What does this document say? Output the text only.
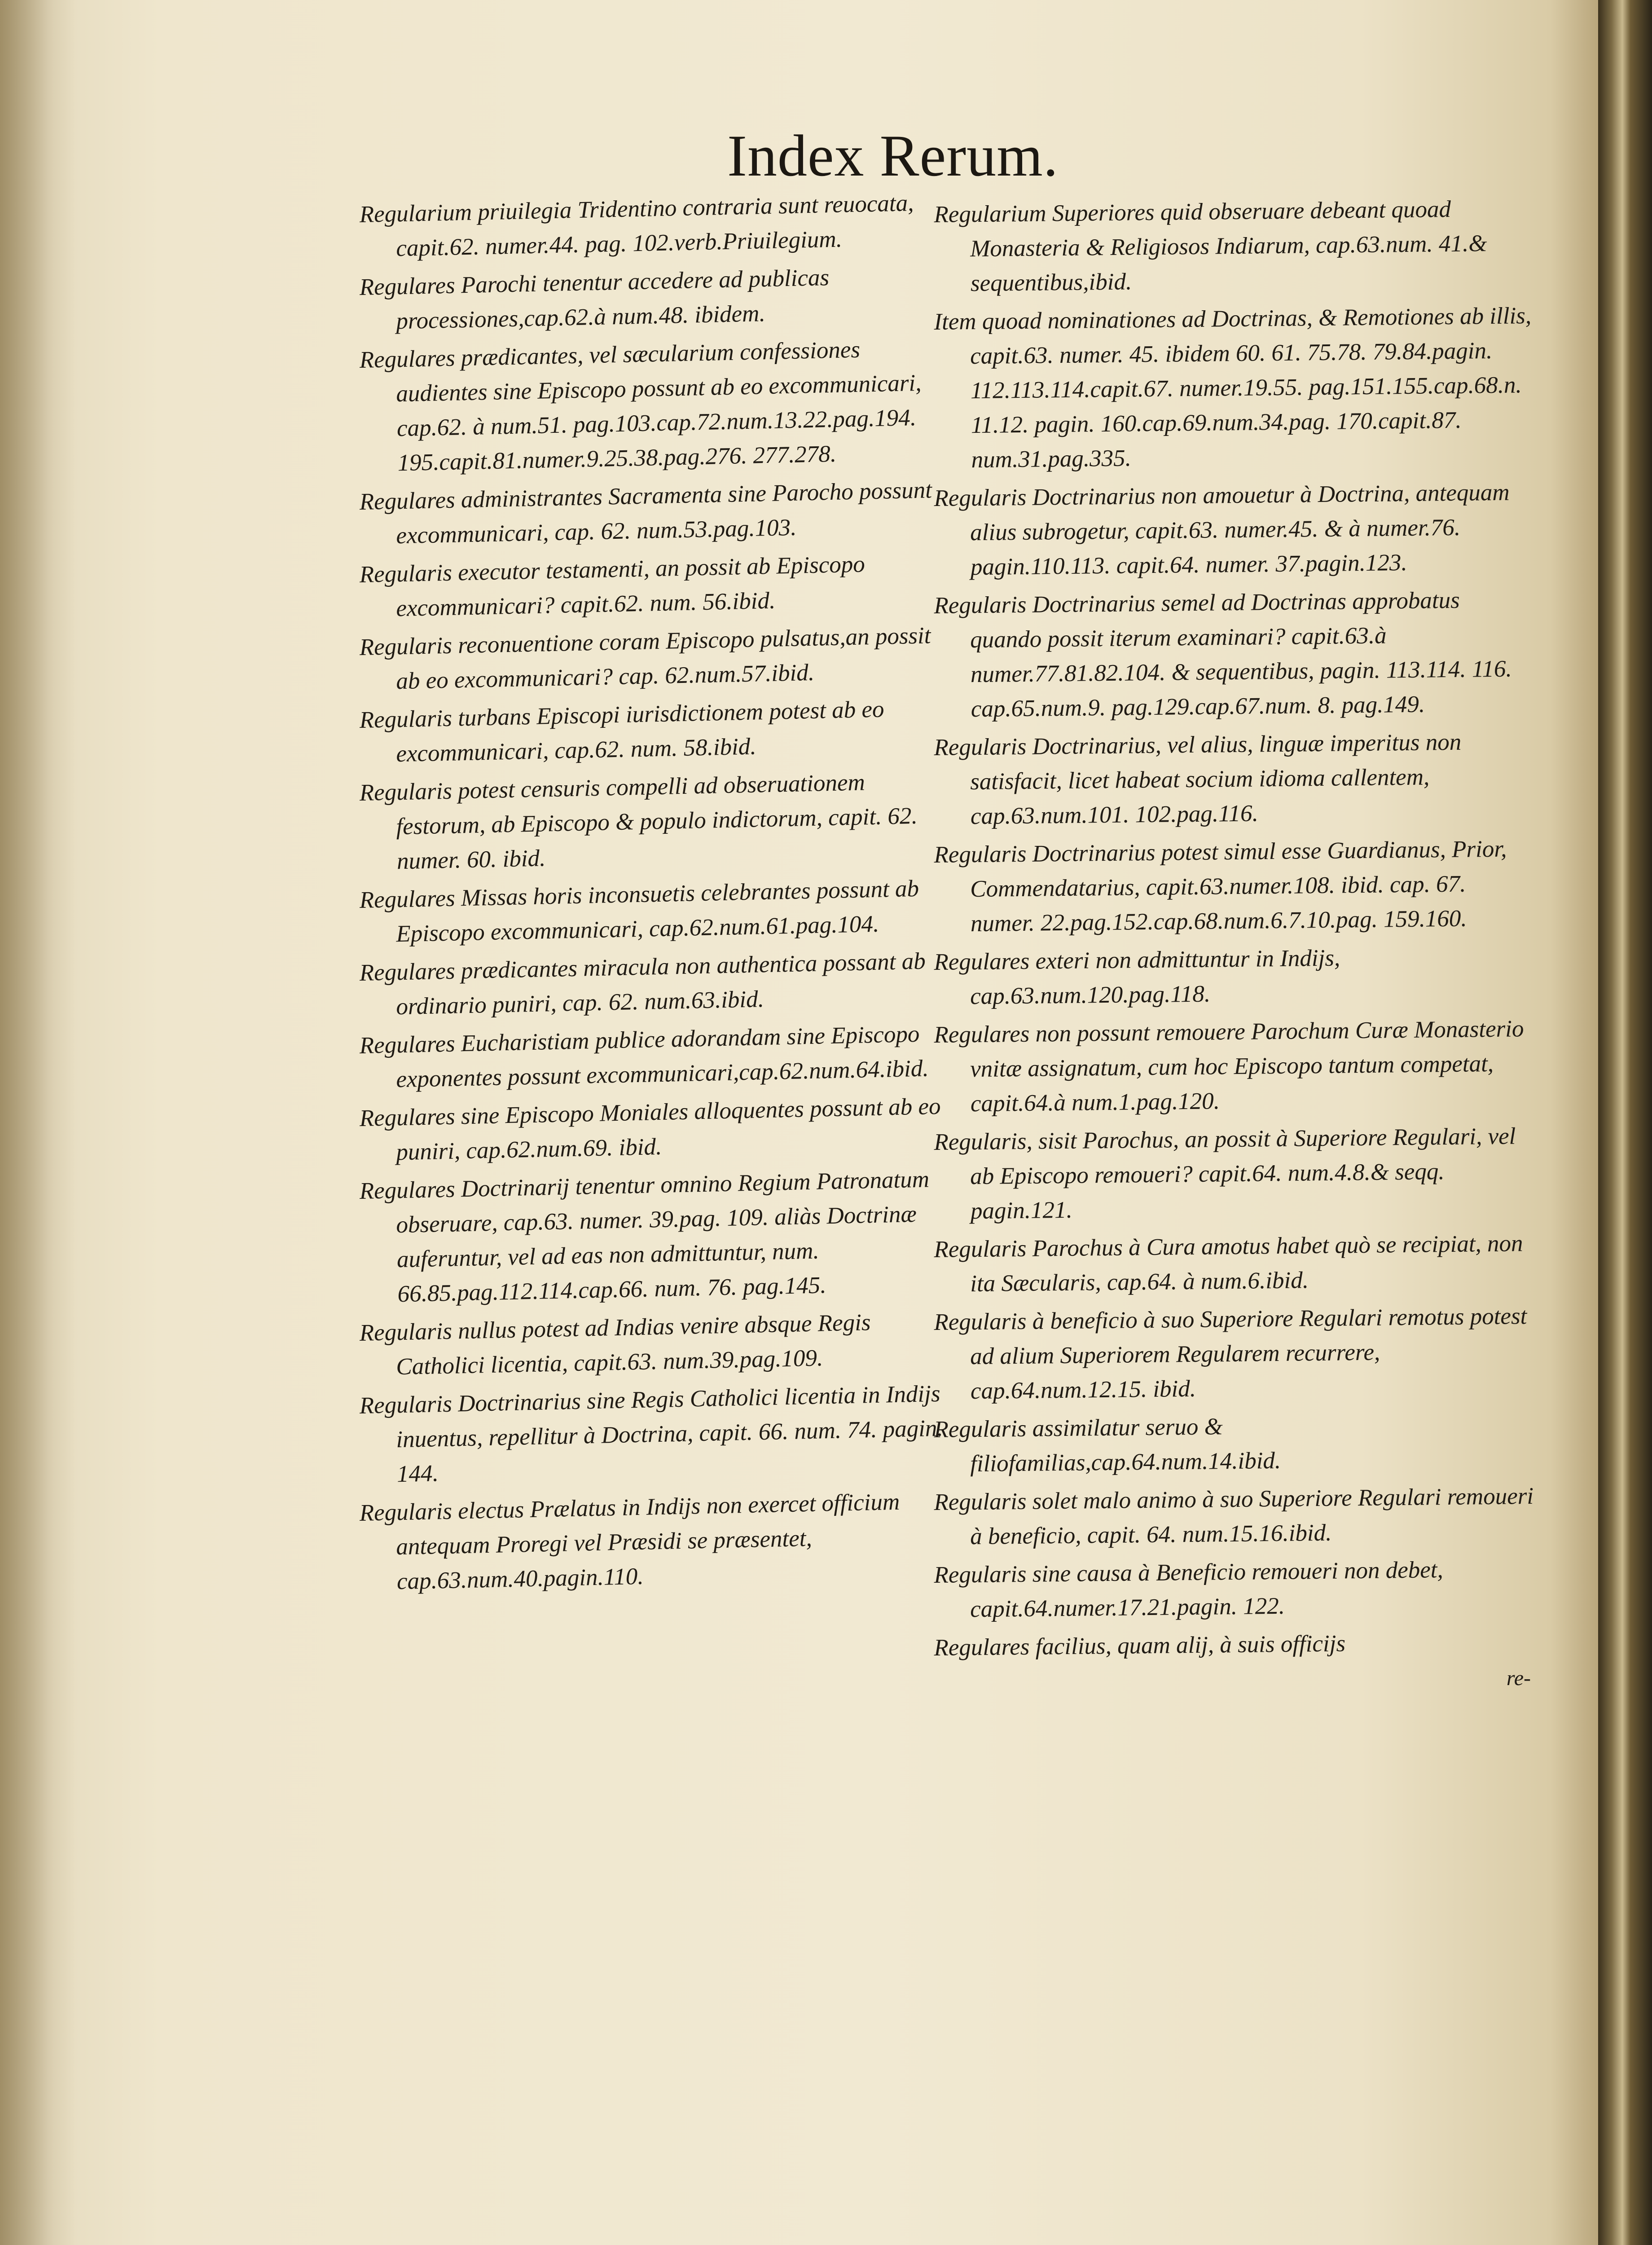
Index Rerum.

Regularium priuilegia Tridentino contraria sunt reuocata, capit.62. numer.44. pag. 102.verb.Priuilegium.

Regulares Parochi tenentur accedere ad publicas processiones,cap.62.à num.48. ibidem.

Regulares prædicantes, vel sæcularium confessiones audientes sine Episcopo possunt ab eo excommunicari, cap.62. à num.51. pag.103.cap.72.num.13.22.pag.194. 195.capit.81.numer.9.25.38.pag.276. 277.278.

Regulares administrantes Sacramenta sine Parocho possunt excommunicari, cap. 62. num.53.pag.103.

Regularis executor testamenti, an possit ab Episcopo excommunicari? capit.62. num. 56.ibid.

Regularis reconuentione coram Episcopo pulsatus,an possit ab eo excommunicari? cap. 62.num.57.ibid.

Regularis turbans Episcopi iurisdictionem potest ab eo excommunicari, cap.62. num. 58.ibid.

Regularis potest censuris compelli ad obseruationem festorum, ab Episcopo & populo indictorum, capit. 62. numer. 60. ibid.

Regulares Missas horis inconsuetis celebrantes possunt ab Episcopo excommunicari, cap.62.num.61.pag.104.

Regulares prædicantes miracula non authentica possant ab ordinario puniri, cap. 62. num.63.ibid.

Regulares Eucharistiam publice adorandam sine Episcopo exponentes possunt excommunicari,cap.62.num.64.ibid.

Regulares sine Episcopo Moniales alloquentes possunt ab eo puniri, cap.62.num.69. ibid.

Regulares Doctrinarij tenentur omnino Regium Patronatum obseruare, cap.63. numer. 39.pag. 109. aliàs Doctrinæ auferuntur, vel ad eas non admittuntur, num. 66.85.pag.112.114.cap.66. num. 76. pag.145.

Regularis nullus potest ad Indias venire absque Regis Catholici licentia, capit.63. num.39.pag.109.

Regularis Doctrinarius sine Regis Catholici licentia in Indijs inuentus, repellitur à Doctrina, capit. 66. num. 74. pagin. 144.

Regularis electus Prælatus in Indijs non exercet officium antequam Proregi vel Præsidi se præsentet, cap.63.num.40.pagin.110.

Regularium Superiores quid obseruare debeant quoad Monasteria & Religiosos Indiarum, cap.63.num. 41.& sequentibus,ibid.

Item quoad nominationes ad Doctrinas, & Remotiones ab illis, capit.63. numer. 45. ibidem 60. 61. 75.78. 79.84.pagin. 112.113.114.capit.67. numer.19.55. pag.151.155.cap.68.n. 11.12. pagin. 160.cap.69.num.34.pag. 170.capit.87. num.31.pag.335.

Regularis Doctrinarius non amouetur à Doctrina, antequam alius subrogetur, capit.63. numer.45. & à numer.76. pagin.110.113. capit.64. numer. 37.pagin.123.

Regularis Doctrinarius semel ad Doctrinas approbatus quando possit iterum examinari? capit.63.à numer.77.81.82.104. & sequentibus, pagin. 113.114. 116. cap.65.num.9. pag.129.cap.67.num. 8. pag.149.

Regularis Doctrinarius, vel alius, linguæ imperitus non satisfacit, licet habeat socium idioma callentem, cap.63.num.101. 102.pag.116.

Regularis Doctrinarius potest simul esse Guardianus, Prior, Commendatarius, capit.63.numer.108. ibid. cap. 67. numer. 22.pag.152.cap.68.num.6.7.10.pag. 159.160.

Regulares exteri non admittuntur in Indijs, cap.63.num.120.pag.118.

Regulares non possunt remouere Parochum Curæ Monasterio vnitæ assignatum, cum hoc Episcopo tantum competat, capit.64.à num.1.pag.120.

Regularis, sisit Parochus, an possit à Superiore Regulari, vel ab Episcopo remoueri? capit.64. num.4.8.& seqq. pagin.121.

Regularis Parochus à Cura amotus habet quò se recipiat, non ita Sæcularis, cap.64. à num.6.ibid.

Regularis à beneficio à suo Superiore Regulari remotus potest ad alium Superiorem Regularem recurrere, cap.64.num.12.15. ibid.

Regularis assimilatur seruo & filiofamilias,cap.64.num.14.ibid.

Regularis solet malo animo à suo Superiore Regulari remoueri à beneficio, capit. 64. num.15.16.ibid.

Regularis sine causa à Beneficio remoueri non debet, capit.64.numer.17.21.pagin. 122.

Regulares facilius, quam alij, à suis officijs

re-
